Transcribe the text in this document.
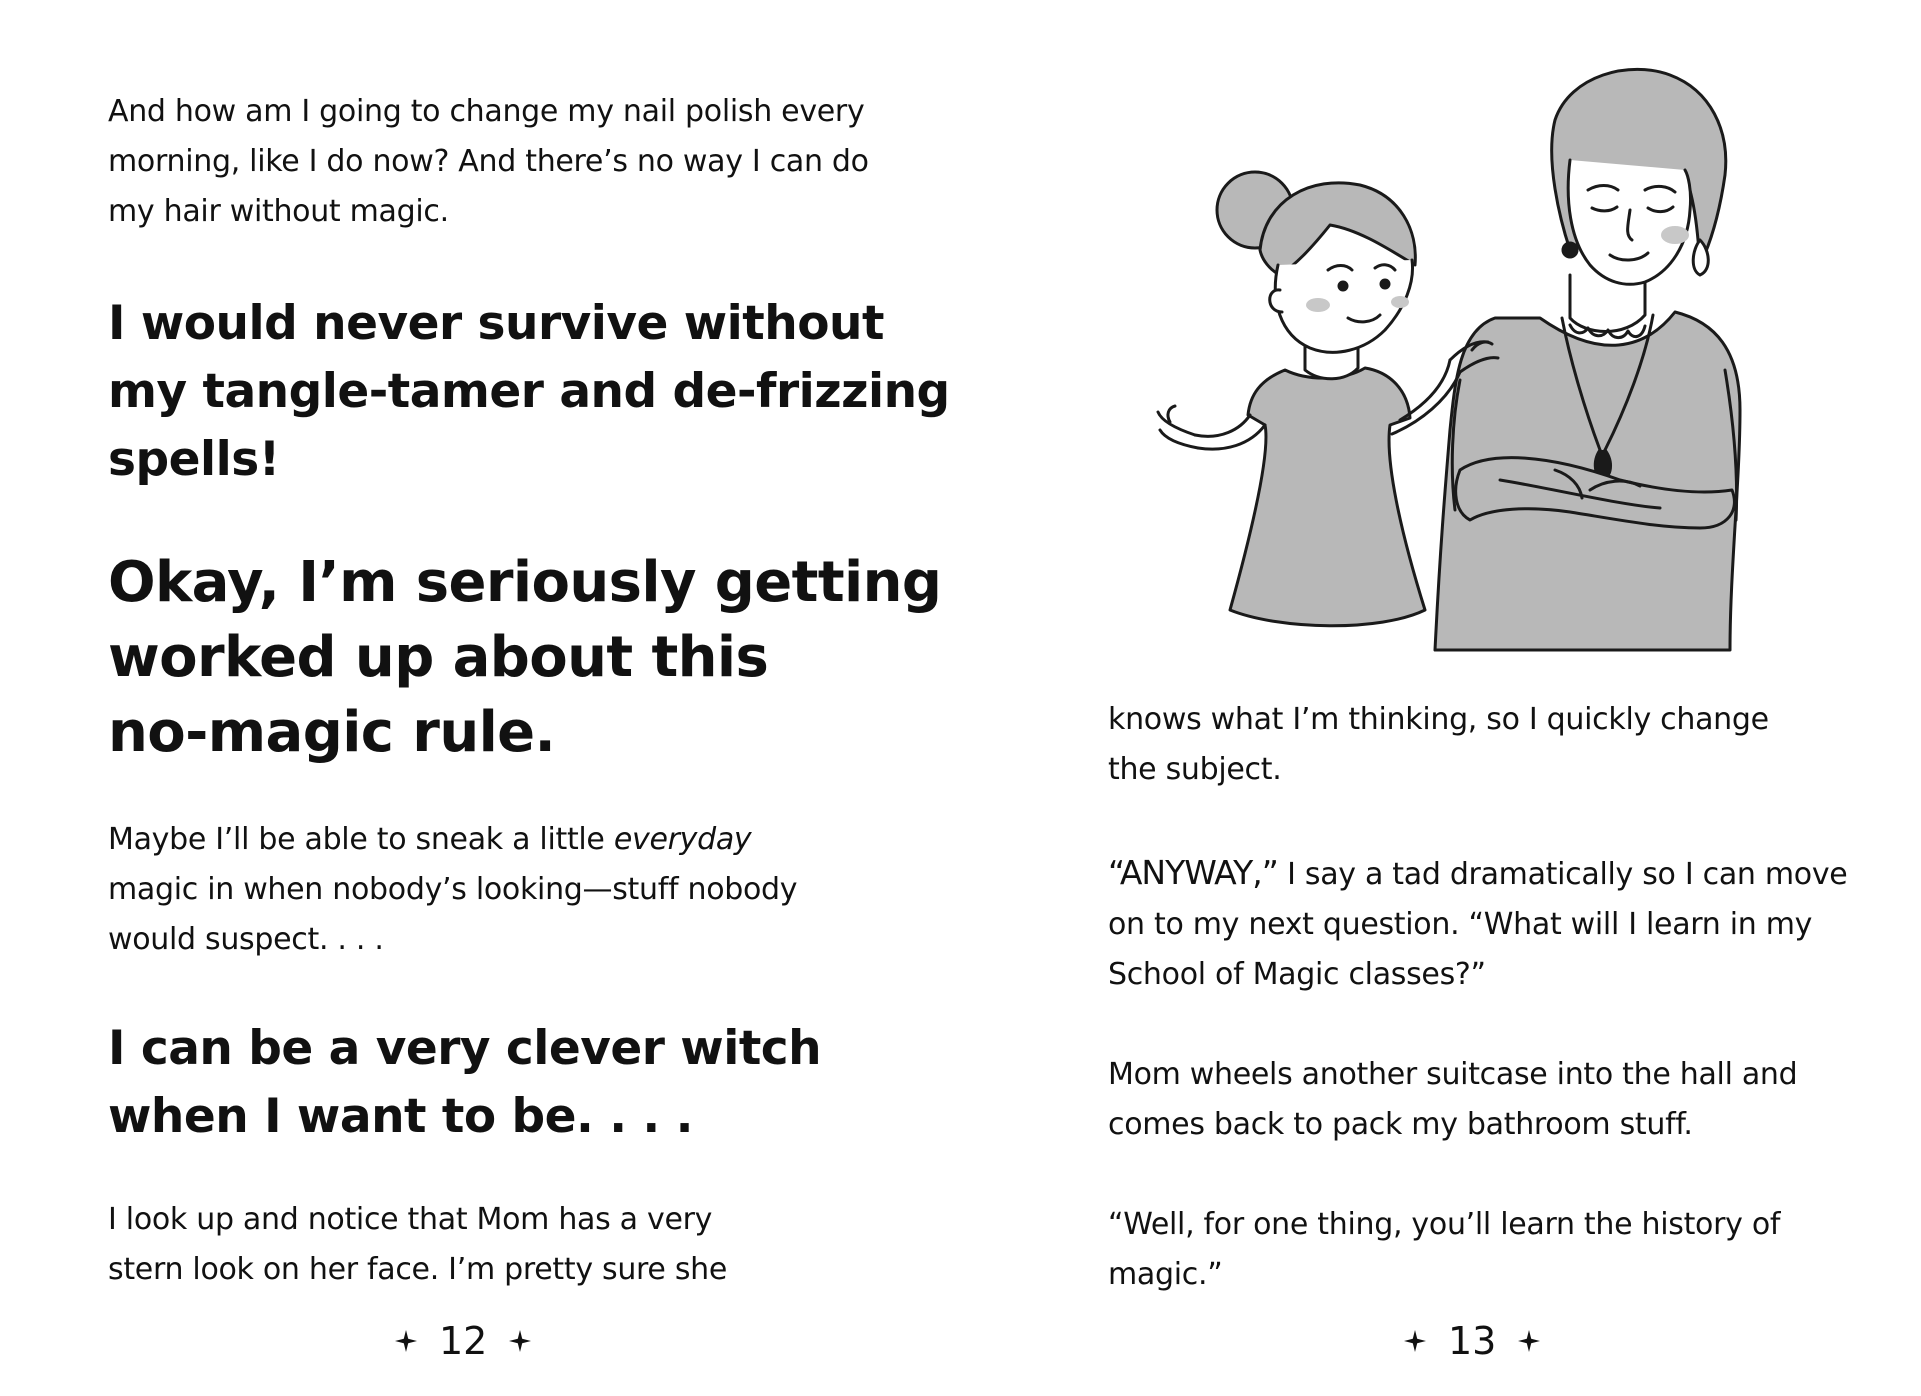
And how am I going to change my nail polish every
morning, like I do now? And there’s no way I can do
my hair without magic.

I would never survive without
my tangle-tamer and de-frizzing
spells!

Okay, I’m seriously getting
worked up about this
no-magic rule.

Maybe I’ll be able to sneak a little everyday
magic in when nobody’s looking—stuff nobody
would suspect. . . .

I can be a very clever witch
when I want to be. . . .

I look up and notice that Mom has a very
stern look on her face. I’m pretty sure she

12

knows what I’m thinking, so I quickly change
the subject.

“ANYWAY,” I say a tad dramatically so I can move
on to my next question. “What will I learn in my
School of Magic classes?”

Mom wheels another suitcase into the hall and
comes back to pack my bathroom stuff.

“Well, for one thing, you’ll learn the history of
magic.”

13
